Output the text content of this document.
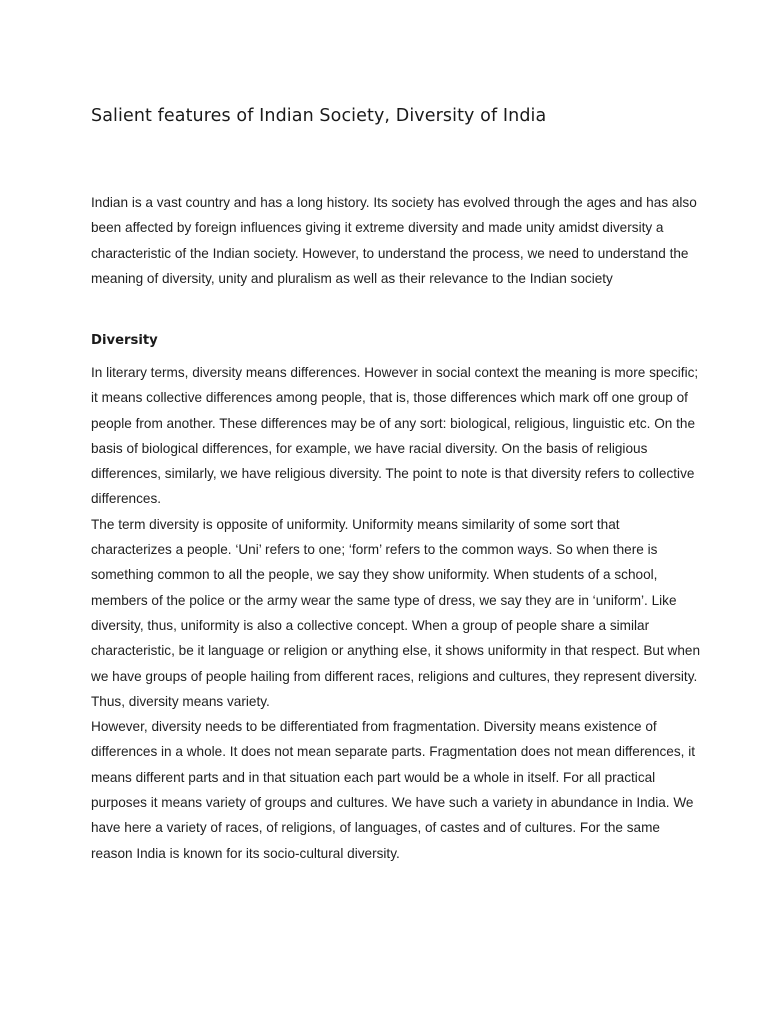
Salient features of Indian Society, Diversity of India

Indian is a vast country and has a long history. Its society has evolved through the ages and has also been affected by foreign influences giving it extreme diversity and made unity amidst diversity a characteristic of the Indian society. However, to understand the process, we need to understand the meaning of diversity, unity and pluralism as well as their relevance to the Indian society

Diversity

In literary terms, diversity means differences. However in social context the meaning is more specific; it means collective differences among people, that is, those differences which mark off one group of people from another. These differences may be of any sort: biological, religious, linguistic etc. On the basis of biological differences, for example, we have racial diversity. On the basis of religious differences, similarly, we have religious diversity. The point to note is that diversity refers to collective differences.

The term diversity is opposite of uniformity. Uniformity means similarity of some sort that characterizes a people. ‘Uni’ refers to one; ‘form’ refers to the common ways. So when there is something common to all the people, we say they show uniformity. When students of a school, members of the police or the army wear the same type of dress, we say they are in ‘uniform’. Like diversity, thus, uniformity is also a collective concept. When a group of people share a similar characteristic, be it language or religion or anything else, it shows uniformity in that respect. But when we have groups of people hailing from different races, religions and cultures, they represent diversity. Thus, diversity means variety.

However, diversity needs to be differentiated from fragmentation. Diversity means existence of differences in a whole. It does not mean separate parts. Fragmentation does not mean differences, it means different parts and in that situation each part would be a whole in itself. For all practical purposes it means variety of groups and cultures. We have such a variety in abundance in India. We have here a variety of races, of religions, of languages, of castes and of cultures. For the same reason India is known for its socio-cultural diversity.
